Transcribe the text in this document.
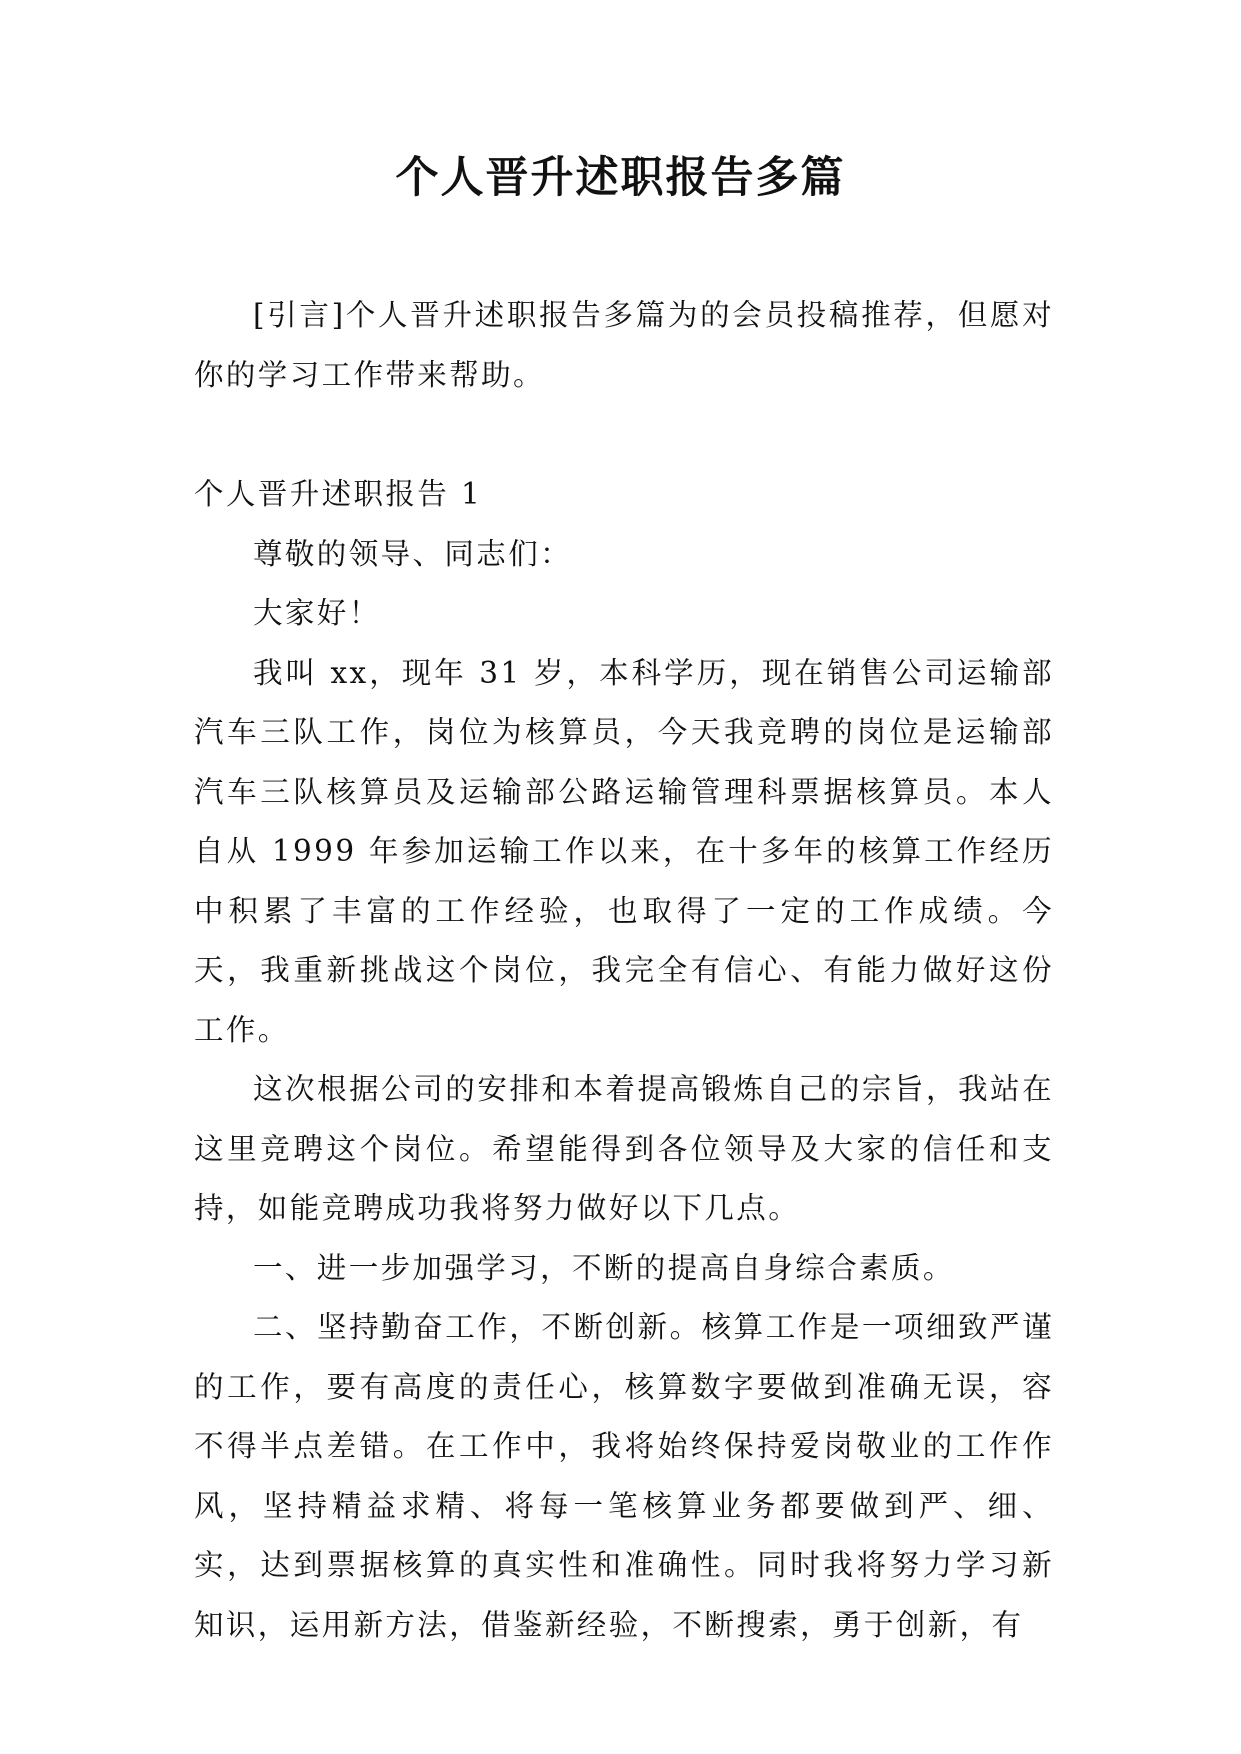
个人晋升述职报告多篇

[引言]个人晋升述职报告多篇为的会员投稿推荐，但愿对你的学习工作带来帮助。

个人晋升述职报告 1

尊敬的领导、同志们：

大家好！

我叫 xx，现年 31 岁，本科学历，现在销售公司运输部汽车三队工作，岗位为核算员，今天我竞聘的岗位是运输部汽车三队核算员及运输部公路运输管理科票据核算员。本人自从 1999 年参加运输工作以来，在十多年的核算工作经历中积累了丰富的工作经验，也取得了一定的工作成绩。今天，我重新挑战这个岗位，我完全有信心、有能力做好这份工作。

这次根据公司的安排和本着提高锻炼自己的宗旨，我站在这里竞聘这个岗位。希望能得到各位领导及大家的信任和支持，如能竞聘成功我将努力做好以下几点。

一、进一步加强学习，不断的提高自身综合素质。

二、坚持勤奋工作，不断创新。核算工作是一项细致严谨的工作，要有高度的责任心，核算数字要做到准确无误，容不得半点差错。在工作中，我将始终保持爱岗敬业的工作作风，坚持精益求精、将每一笔核算业务都要做到严、细、实，达到票据核算的真实性和准确性。同时我将努力学习新知识，运用新方法，借鉴新经验，不断搜索，勇于创新，有
